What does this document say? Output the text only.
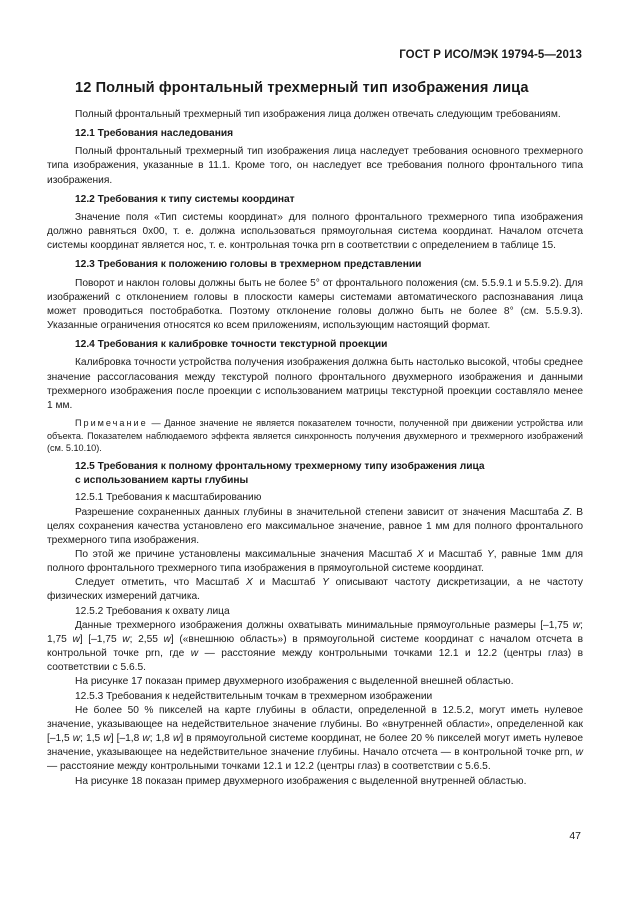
ГОСТ Р ИСО/МЭК 19794-5—2013
12 Полный фронтальный трехмерный тип изображения лица

Полный фронтальный трехмерный тип изображения лица должен отвечать следующим требованиям.

12.1 Требования наследования

Полный фронтальный трехмерный тип изображения лица наследует требования основного трехмерного типа изображения, указанные в 11.1. Кроме того, он наследует все требования полного фронтального типа изображения.

12.2 Требования к типу системы координат

Значение поля «Тип системы координат» для полного фронтального трехмерного типа изображения должно равняться 0x00, т. е. должна использоваться прямоугольная система координат. Началом отсчета системы координат является нос, т. е. контрольная точка prn в соответствии с определением в таблице 15.

12.3 Требования к положению головы в трехмерном представлении

Поворот и наклон головы должны быть не более 5° от фронтального положения (см. 5.5.9.1 и 5.5.9.2). Для изображений с отклонением головы в плоскости камеры системами автоматического распознавания лица может проводиться постобработка. Поэтому отклонение головы должно быть не более 8° (см. 5.5.9.3). Указанные ограничения относятся ко всем приложениям, использующим настоящий формат.

12.4 Требования к калибровке точности текстурной проекции

Калибровка точности устройства получения изображения должна быть настолько высокой, чтобы среднее значение рассогласования между текстурой полного фронтального двухмерного изображения и данными трехмерного изображения после проекции с использованием матрицы текстурной проекции составляло менее 1 мм.

Примечание — Данное значение не является показателем точности, полученной при движении устройства или объекта. Показателем наблюдаемого эффекта является синхронность получения двухмерного и трехмерного изображений (см. 5.10.10).

12.5 Требования к полному фронтальному трехмерному типу изображения лица
с использованием карты глубины

12.5.1 Требования к масштабированию

Разрешение сохраненных данных глубины в значительной степени зависит от значения Масштаба Z. В целях сохранения качества установлено его максимальное значение, равное 1 мм для полного фронтального трехмерного типа изображения.

По этой же причине установлены максимальные значения Масштаб X и Масштаб Y, равные 1мм для полного фронтального трехмерного типа изображения в прямоугольной системе координат.

Следует отметить, что Масштаб X и Масштаб Y описывают частоту дискретизации, а не частоту физических измерений датчика.

12.5.2 Требования к охвату лица

Данные трехмерного изображения должны охватывать минимальные прямоугольные размеры [–1,75 w; 1,75 w] [–1,75 w; 2,55 w] («внешнюю область») в прямоугольной системе координат с началом отсчета в контрольной точке prn, где w — расстояние между контрольными точками 12.1 и 12.2 (центры глаз) в соответствии с 5.6.5.

На рисунке 17 показан пример двухмерного изображения с выделенной внешней областью.

12.5.3 Требования к недействительным точкам в трехмерном изображении

Не более 50 % пикселей на карте глубины в области, определенной в 12.5.2, могут иметь нулевое значение, указывающее на недействительное значение глубины. Во «внутренней области», определенной как [–1,5 w; 1,5 w] [–1,8 w; 1,8 w] в прямоугольной системе координат, не более 20 % пикселей могут иметь нулевое значение, указывающее на недействительное значение глубины. Начало отсчета — в контрольной точке prn, w — расстояние между контрольными точками 12.1 и 12.2 (центры глаз) в соответствии с 5.6.5.

На рисунке 18 показан пример двухмерного изображения с выделенной внутренней областью.

47
